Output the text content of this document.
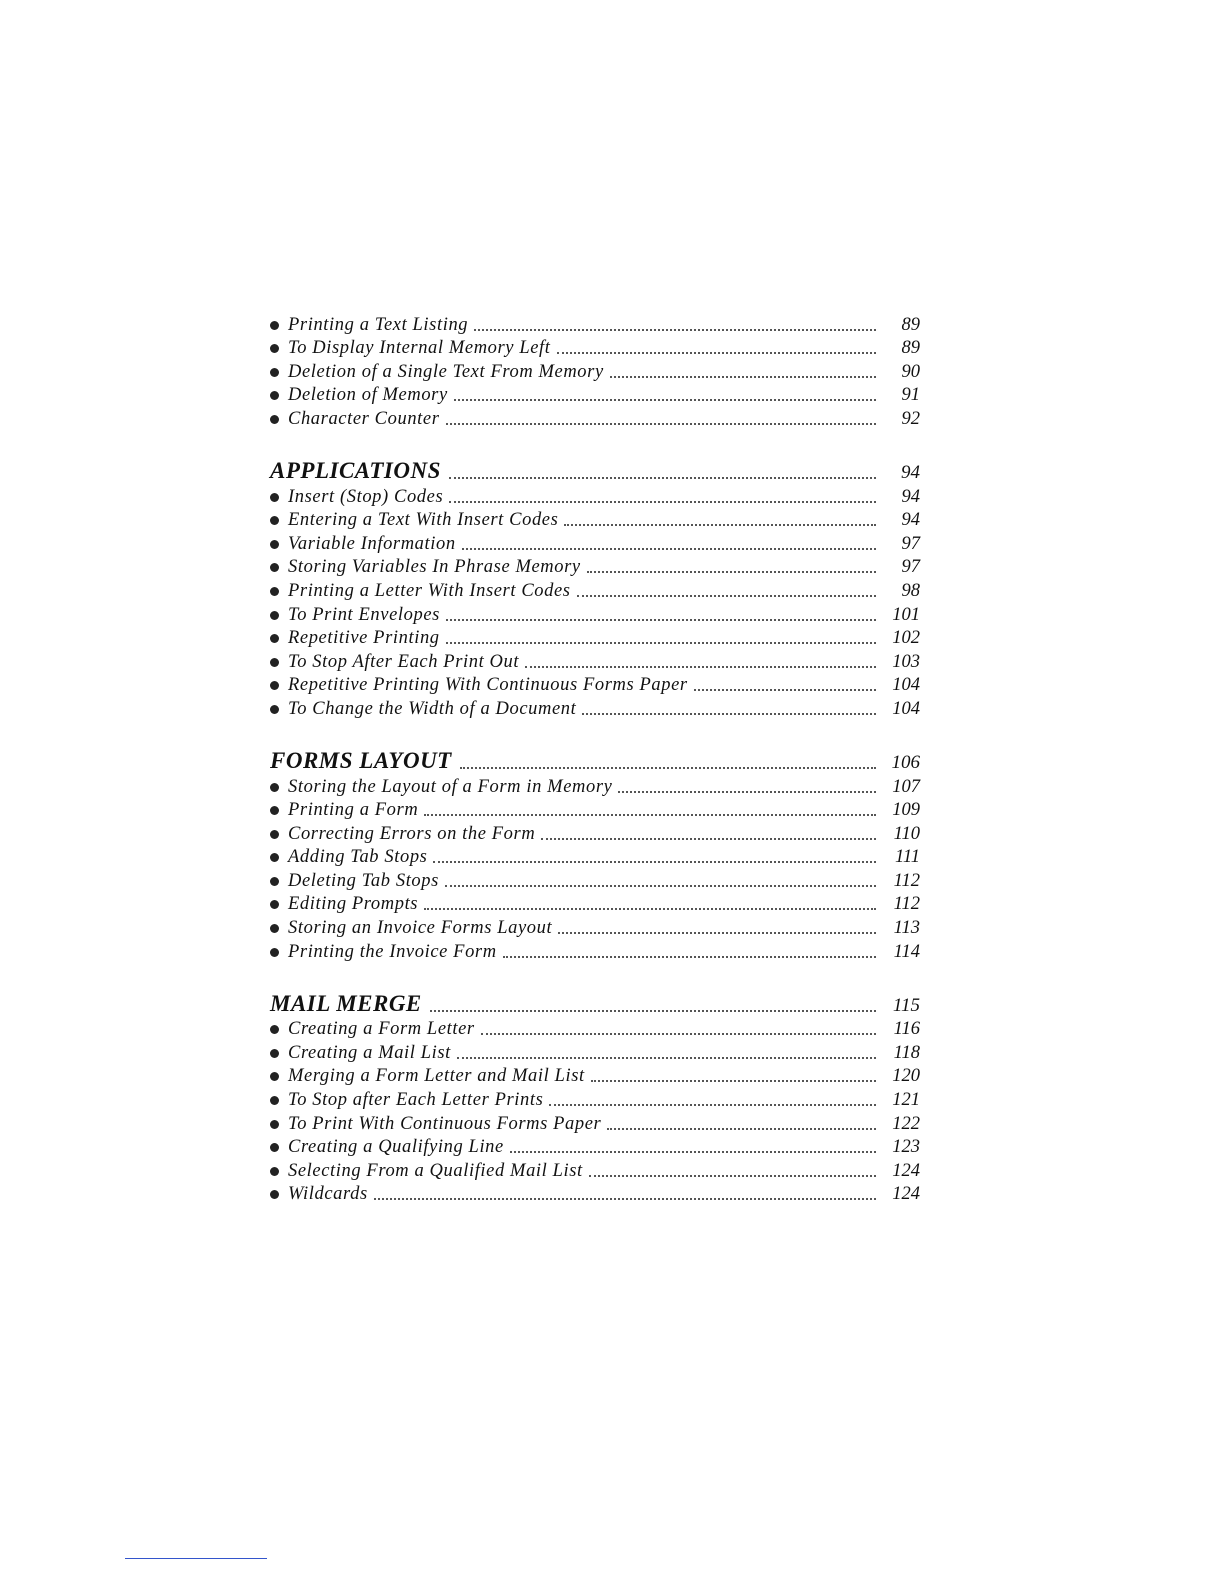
Printing a Text Listing	89
To Display Internal Memory Left	89
Deletion of a Single Text From Memory	90
Deletion of Memory	91
Character Counter	92
APPLICATIONS	94
Insert (Stop) Codes	94
Entering a Text With Insert Codes	94
Variable Information	97
Storing Variables In Phrase Memory	97
Printing a Letter With Insert Codes	98
To Print Envelopes	101
Repetitive Printing	102
To Stop After Each Print Out	103
Repetitive Printing With Continuous Forms Paper	104
To Change the Width of a Document	104
FORMS LAYOUT	106
Storing the Layout of a Form in Memory	107
Printing a Form	109
Correcting Errors on the Form	110
Adding Tab Stops	111
Deleting Tab Stops	112
Editing Prompts	112
Storing an Invoice Forms Layout	113
Printing the Invoice Form	114
MAIL MERGE	115
Creating a Form Letter	116
Creating a Mail List	118
Merging a Form Letter and Mail List	120
To Stop after Each Letter Prints	121
To Print With Continuous Forms Paper	122
Creating a Qualifying Line	123
Selecting From a Qualified Mail List	124
Wildcards	124
